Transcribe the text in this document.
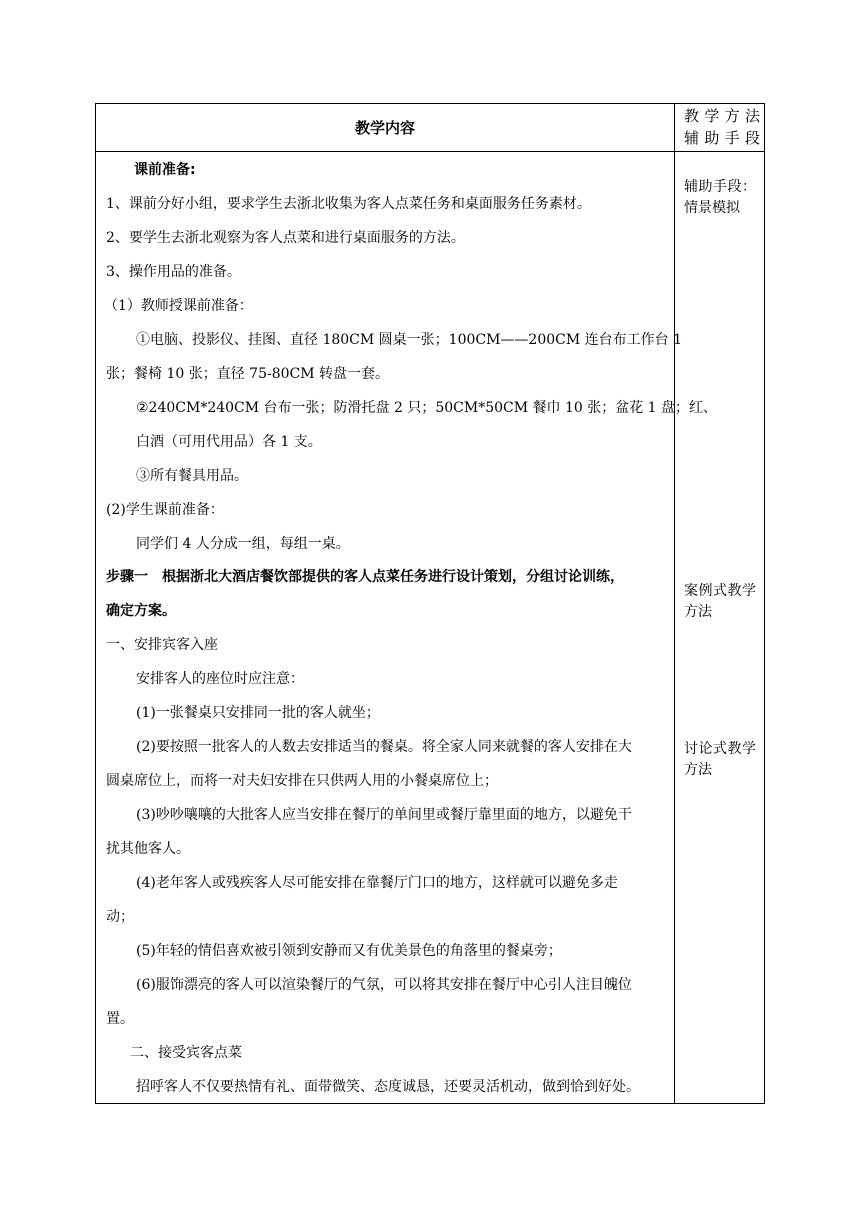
教学内容
教学方法
辅助手段
课前准备:
1、课前分好小组，要求学生去浙北收集为客人点菜任务和桌面服务任务素材。
2、要学生去浙北观察为客人点菜和进行桌面服务的方法。
3、操作用品的准备。
（1）教师授课前准备：
①电脑、投影仪、挂图、直径 180CM 圆桌一张；100CM——200CM 连台布工作台 1
张；餐椅 10 张；直径 75-80CM 转盘一套。
②240CM*240CM 台布一张；防滑托盘 2 只；50CM*50CM 餐巾 10 张；盆花 1 盘；红、
白酒（可用代用品）各 1 支。
③所有餐具用品。
(2)学生课前准备：
同学们 4 人分成一组，每组一桌。
步骤一　根据浙北大酒店餐饮部提供的客人点菜任务进行设计策划，分组讨论训练，
确定方案。
一、安排宾客入座
安排客人的座位时应注意：
(1)一张餐桌只安排同一批的客人就坐；
(2)要按照一批客人的人数去安排适当的餐桌。将全家人同来就餐的客人安排在大
圆桌席位上，而将一对夫妇安排在只供两人用的小餐桌席位上；
(3)吵吵嚷嚷的大批客人应当安排在餐厅的单间里或餐厅靠里面的地方，以避免干
扰其他客人。
(4)老年客人或残疾客人尽可能安排在靠餐厅门口的地方，这样就可以避免多走
动；
(5)年轻的情侣喜欢被引领到安静而又有优美景色的角落里的餐桌旁；
(6)服饰漂亮的客人可以渲染餐厅的气氛，可以将其安排在餐厅中心引人注目魄位
置。
二、接受宾客点菜
招呼客人不仅要热情有礼、面带微笑、态度诚恳，还要灵活机动，做到恰到好处。
辅助手段：情景模拟
案例式教学方法
讨论式教学方法
